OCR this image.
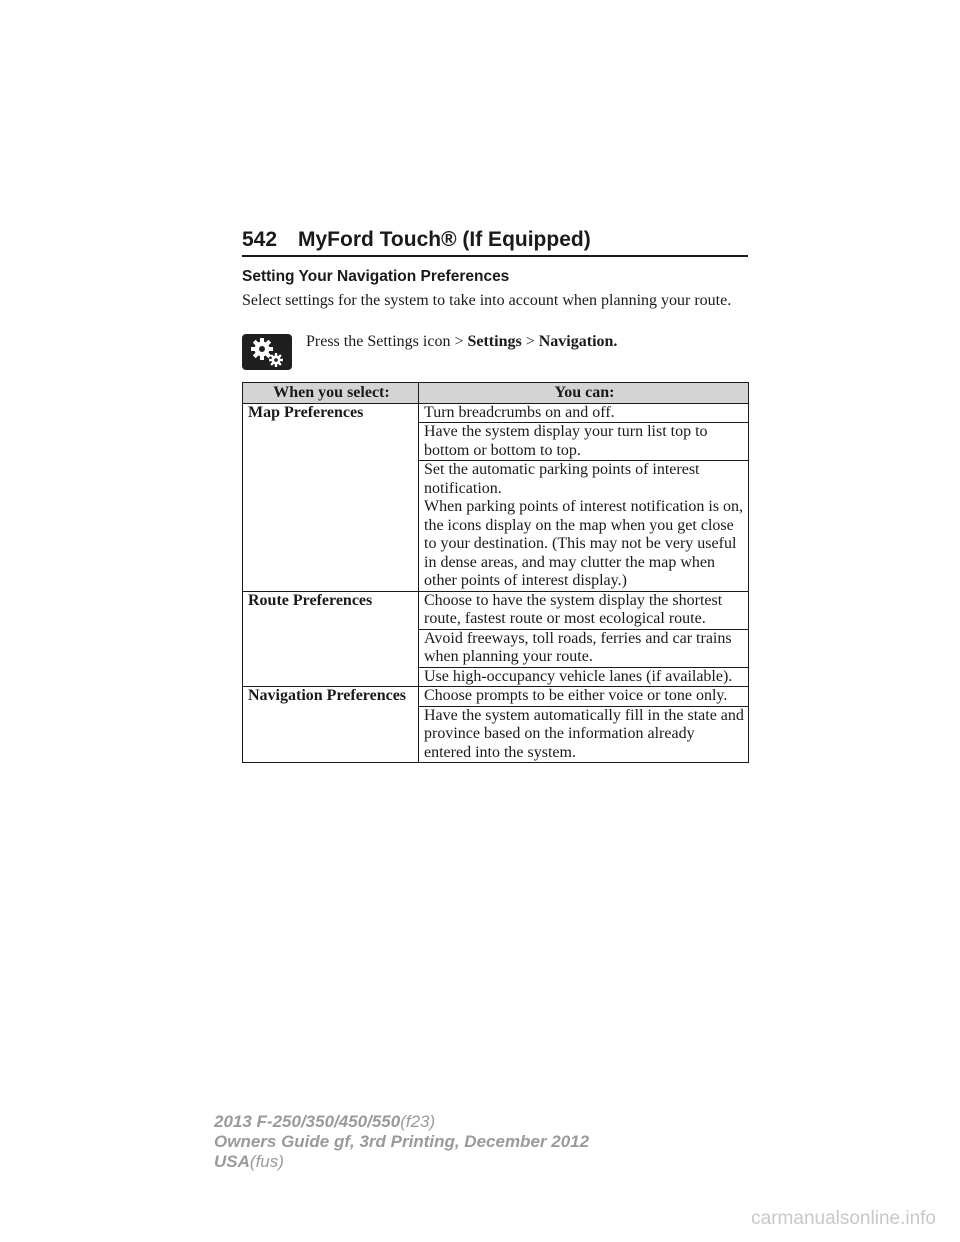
542 MyFord Touch® (If Equipped)
Setting Your Navigation Preferences
Select settings for the system to take into account when planning your route.
Press the Settings icon > Settings > Navigation.
When you select:	You can:
Map Preferences	Turn breadcrumbs on and off.
	Have the system display your turn list top to bottom or bottom to top.
	Set the automatic parking points of interest notification.
When parking points of interest notification is on, the icons display on the map when you get close to your destination. (This may not be very useful in dense areas, and may clutter the map when other points of interest display.)
Route Preferences	Choose to have the system display the shortest route, fastest route or most ecological route.
	Avoid freeways, toll roads, ferries and car trains when planning your route.
	Use high-occupancy vehicle lanes (if available).
Navigation Preferences	Choose prompts to be either voice or tone only.
	Have the system automatically fill in the state and province based on the information already entered into the system.
2013 F-250/350/450/550(f23)
Owners Guide gf, 3rd Printing, December 2012
USA(fus)
carmanualsonline.info
